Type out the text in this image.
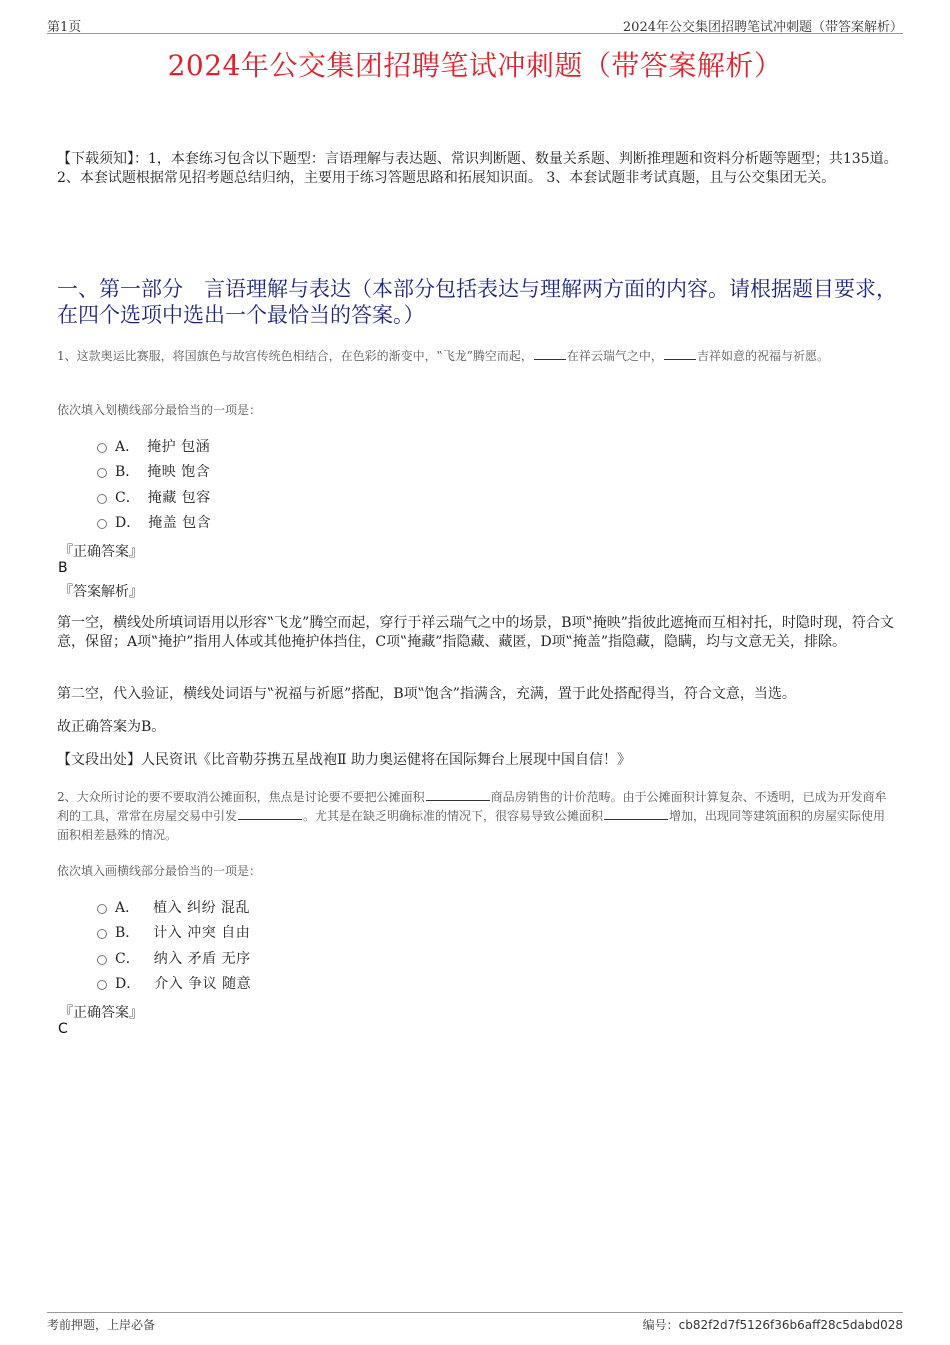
第1页	2024年公交集团招聘笔试冲刺题（带答案解析）
2024年公交集团招聘笔试冲刺题（带答案解析）
【下载须知】：1，本套练习包含以下题型：言语理解与表达题、常识判断题、数量关系题、判断推理题和资料分析题等题型；共135道。 2、本套试题根据常见招考题总结归纳，主要用于练习答题思路和拓展知识面。 3、本套试题非考试真题，且与公交集团无关。
一、第一部分　言语理解与表达（本部分包括表达与理解两方面的内容。请根据题目要求，在四个选项中选出一个最恰当的答案。）
1、这款奥运比赛服，将国旗色与故宫传统色相结合，在色彩的渐变中，‟飞龙”腾空而起，	在祥云瑞气之中，	吉祥如意的祝福与祈愿。
依次填入划横线部分最恰当的一项是：
A． 掩护 包涵
B． 掩映 饱含
C． 掩藏 包容
D． 掩盖 包含
『正确答案』
B
『答案解析』
第一空，横线处所填词语用以形容‟飞龙”腾空而起，穿行于祥云瑞气之中的场景，B项‟掩映”指彼此遮掩而互相衬托，时隐时现，符合文意，保留；A项‟掩护”指用人体或其他掩护体挡住，C项‟掩藏”指隐藏、藏匿，D项‟掩盖”指隐藏，隐瞒，均与文意无关，排除。
第二空，代入验证，横线处词语与‟祝福与祈愿”搭配，B项‟饱含”指满含，充满，置于此处搭配得当，符合文意，当选。
故正确答案为B。
【文段出处】人民资讯《比音勒芬携五星战袍Ⅱ 助力奥运健将在国际舞台上展现中国自信！》
2、大众所讨论的要不要取消公摊面积，焦点是讨论要不要把公摊面积	商品房销售的计价范畴。由于公摊面积计算复杂、不透明，已成为开发商牟利的工具，常常在房屋交易中引发	。尤其是在缺乏明确标准的情况下，很容易导致公摊面积	增加，出现同等建筑面积的房屋实际使用面积相差悬殊的情况。
依次填入画横线部分最恰当的一项是：
A． 植入 纠纷 混乱
B． 计入 冲突 自由
C． 纳入 矛盾 无序
D． 介入 争议 随意
『正确答案』
C
考前押题，上岸必备	编号：cb82f2d7f5126f36b6aff28c5dabd028
